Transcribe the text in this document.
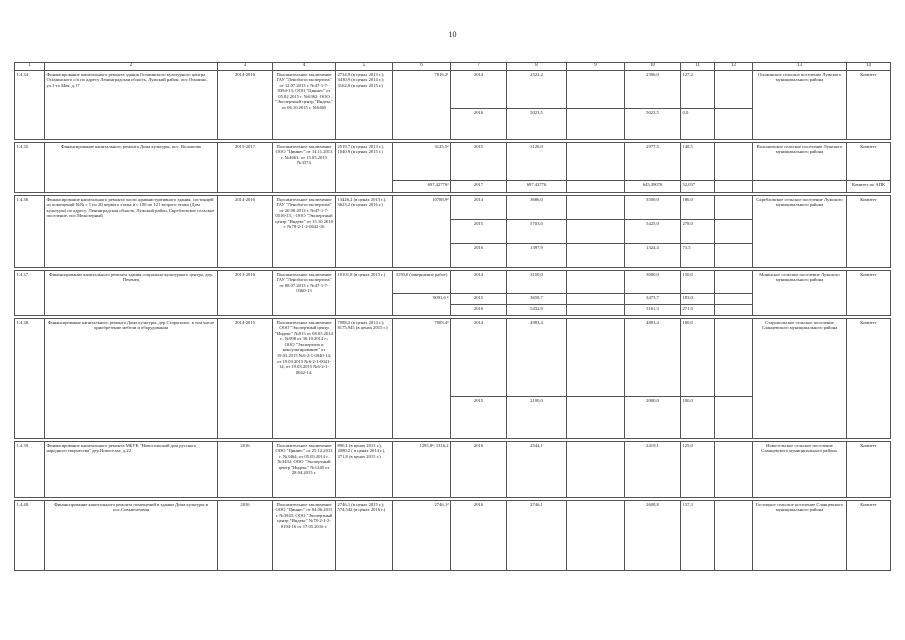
10
1	2	3	4	5	6	7	8	9	10	11	12	13	14
1.4.34	Финансирование капитального ремонта здания Осьминского культурного центра Осьминского с/п по адресу Ленинградская область, Лужский район, пос.Осьмино, ул.1-го Мая, д.17	2014-2016	Положительное заключение ГАУ "Леноблгосэкспертиза" от 12.07.2013 г. №47-1-7-0394-13; ООО "Циннес" от 05.02.2015 г. №6362; ООО "Экспертный центр "Индекс" от 06.10.2015 г. №6465	2734,9 (в ценах 2013 г.); 3430,9 (в ценах 2014 г.); 3162,0 (в ценах 2015 г.)	7816,2¹	2014	2522,2		2396,0	127,2		Осьминское сельское поселение Лужского муниципального района	Комитет
						2016	5023,5		5023,5	0,0			

1.4.35.	Финансирование капитального ремонта Дома культуры, пос. Волошово	2015-2017	Положительное заключение ООО "Циннес" от 14.11.2013 г. №4663; от 15.05.2015 №3374	2519,7 (в ценах 2013 г.), 1040,9 (в ценах 2015 г.)	3125,5²	2015	3126,0		2977,5	148,5		Волошовское сельское поселение Лужского муниципального района	Комитет
					697,42776³	2017	697,42776		645,39076	52,037			Комитет по АПК

1.4.36	Финансирование капитального ремонта части административного здания, состоящей из помещений №№ с 1 по 20 первого этажа и с 100 по 121 второго этажа (Дом культуры) по адресу: Ленинградская область, Лужский район, Скребловское сельское поселение, пос.Межозерный	2014-2016	Положительное заключение ГАУ "Леноблгосэкспертиза" от 20.08.2013 г. №47-1-7-0516-13; ; ООО "Экспертный центр "Индекс" от 15.10.2016 г. №78-2-1-2-0642-16	13426,2 (в ценах 2013 г.), 3623,2 (в ценах 2016 г.)	10788,9²	2014	3686,0		3500,0	186,0		Скребловское сельское поселение Лужского муниципального района	Комитет
						2015	5703,0		5425,0	278,0			
						2016	1397,9		1324,4	73,5			

1.4.37.	Финансирование капитального ремонта здания социально-культурного центра, дер. Пехенец	2013-2016	Положительное заключение ГАУ "Леноблгосэкспертиза" от 08.07.2013 г. №47-1-7-0360-13	10101,8 (в ценах 2013 г.)	3150,0 (завершение работ)	2014	3150,0		3000,0	150,0		Мшинское сельское поселение Лужского муниципального района	Комитет
					9091,6 ⁴	2015	3658,7		3475,7	183,0			
						2016	5432,9		5161,3	271,6			

1.4.38.	Финансирование капитального ремонта Дома культуры, дер.Старополье, в том числе приобретение мебели и оборудования	2014-2015	Положительное заключение ООО "Экспертный центр "Индекс" №815 от 08.05.2014 г.; №998 от 30.10.2014 г.; ООО "Экспертиза и консультирование" от 19.03.2015 №6-2-1-0040-14; от 19.03.2015 №6-2-1-0041-14; от 19.03.2015 №6-2-1-0042-14.	7088,3 (в ценах 2014 г.); 8175,945 (в ценах 2015 г.)	7083,4²	2014	4983,4		4883,4	100,0		Старопольское сельское поселение Сланцевского муниципального района	Комитет
						2015	2100,0		2000,0	100,0			

1.4.39.	Финансирование капитального ремонта МБУК "Новосельский дом русского народного творчества" дер.Новоселье, д.22	2016	Положительное заключение ООО "Циннес" от 25.12.2013 г. №3464; от 05.05.2014 г. №3432; ООО "Экспертный центр "Индекс" №1240 от 28.04.2015 г.	890,1 (в ценах 2013 г.), 2080,2 ( в ценах 2014 г.), 371,8 (в ценах 2015 г.)	1295,8²; 1316,2	2016	2544,1		2419,1	125,0		Новосельское сельское поселение Сланцевского муниципального района.	Комитет

1.4.40.	Финансирование капитального ремонта помещений в здании Дома культуры в пос.Совьютатовия	2016	Положительное заключение ООО "Циннес" от 04.06.2015 г. №3943; ООО "Экспертный центр "Индекс" №78-2-1-2-0194-16 от 17.05.2016 г.	2746,1 (в ценах 2015 г.); 574,542 (в ценах 2016 г.)	2746,1²	2016	2746,1		2608,8	137,3		Гостицкое сельское поселение Сланцевского муниципального района	Комитет
